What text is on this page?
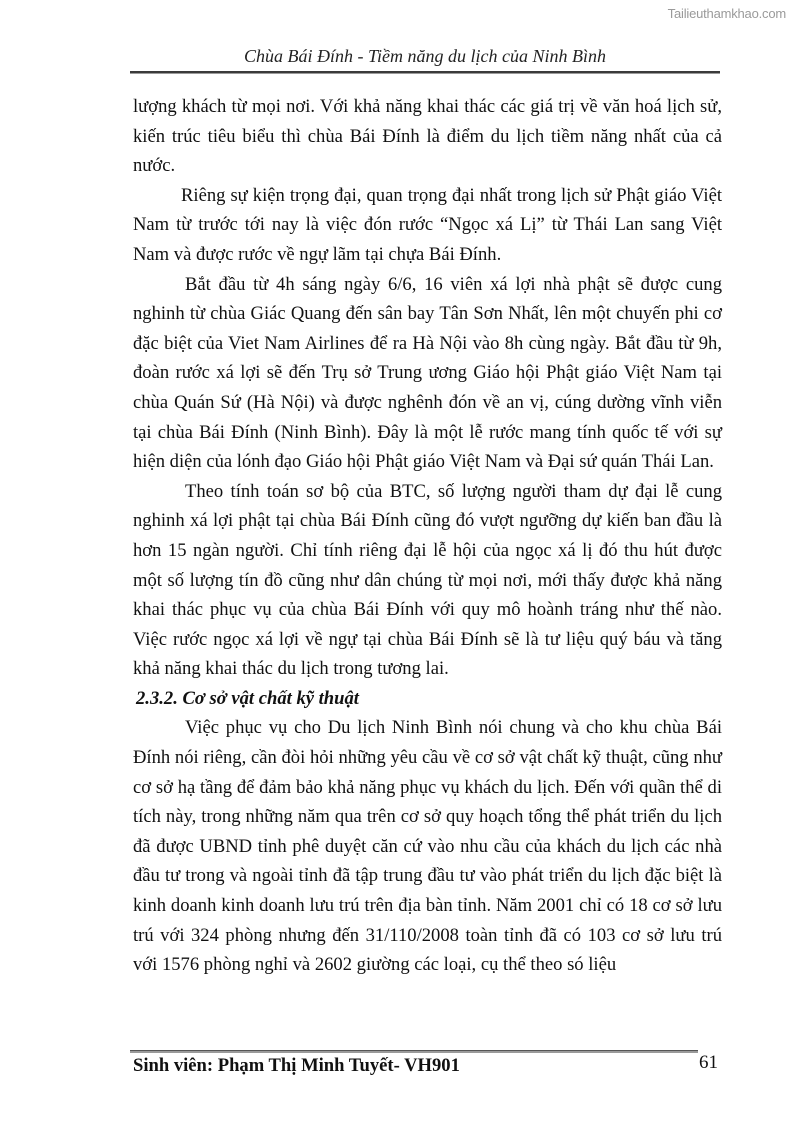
Tailieuthamkhao.com
Chùa Bái Đính - Tiềm năng du lịch của Ninh Bình

lượng khách từ mọi nơi. Với khả năng khai thác các giá trị về văn hoá lịch sử, kiến trúc tiêu biểu thì chùa Bái Đính là điểm du lịch tiềm năng nhất của cả nước.

Riêng sự kiện trọng đại, quan trọng đại nhất trong lịch sử Phật giáo Việt Nam từ trước tới nay là việc đón rước “Ngọc xá Lị” từ Thái Lan sang Việt Nam và được rước về ngự lãm tại chựa Bái Đính.

Bắt đầu từ 4h sáng ngày 6/6, 16 viên xá lợi nhà phật sẽ được cung nghinh từ chùa Giác Quang đến sân bay Tân Sơn Nhất, lên một chuyến phi cơ đặc biệt của Viet Nam Airlines để ra Hà Nội vào 8h cùng ngày. Bắt đầu từ 9h, đoàn rước xá lợi sẽ đến Trụ sở Trung ương Giáo hội Phật giáo Việt Nam tại chùa Quán Sứ (Hà Nội) và được nghênh đón về an vị, cúng dường vĩnh viễn tại chùa Bái Đính (Ninh Bình). Đây là một lễ rước mang tính quốc tế với sự hiện diện của lónh đạo Giáo hội Phật giáo Việt Nam và Đại sứ quán Thái Lan.

Theo tính toán sơ bộ của BTC, số lượng người tham dự đại lễ cung nghinh xá lợi phật tại chùa Bái Đính cũng đó vượt ngưỡng dự kiến ban đầu là hơn 15 ngàn người. Chỉ tính riêng đại lễ hội của ngọc xá lị đó thu hút được một số lượng tín đồ cũng như dân chúng từ mọi nơi, mới thấy được khả năng khai thác phục vụ của chùa Bái Đính với quy mô hoành tráng như thế nào. Việc rước ngọc xá lợi về ngự tại chùa Bái Đính sẽ là tư liệu quý báu và tăng khả năng khai thác du lịch trong tương lai.

2.3.2. Cơ sở vật chất kỹ thuật

Việc phục vụ cho Du lịch Ninh Bình nói chung và cho khu chùa Bái Đính nói riêng, cần đòi hỏi những yêu cầu về cơ sở vật chất kỹ thuật, cũng như cơ sở hạ tầng để đảm bảo khả năng phục vụ khách du lịch. Đến với quần thể di tích này, trong những năm qua trên cơ sở quy hoạch tổng thể phát triển du lịch đã được UBND tỉnh phê duyệt căn cứ vào nhu cầu của khách du lịch các nhà đầu tư trong và ngoài tỉnh đã tập trung đầu tư vào phát triển du lịch đặc biệt là kinh doanh kinh doanh lưu trú trên địa bàn tỉnh. Năm 2001 chỉ có 18 cơ sở lưu trú với 324 phòng nhưng đến 31/110/2008 toàn tỉnh đã có 103 cơ sở lưu trú với 1576 phòng nghỉ và 2602 giường các loại, cụ thể theo só liệu

Sinh viên: Phạm Thị Minh Tuyết- VH901	61
